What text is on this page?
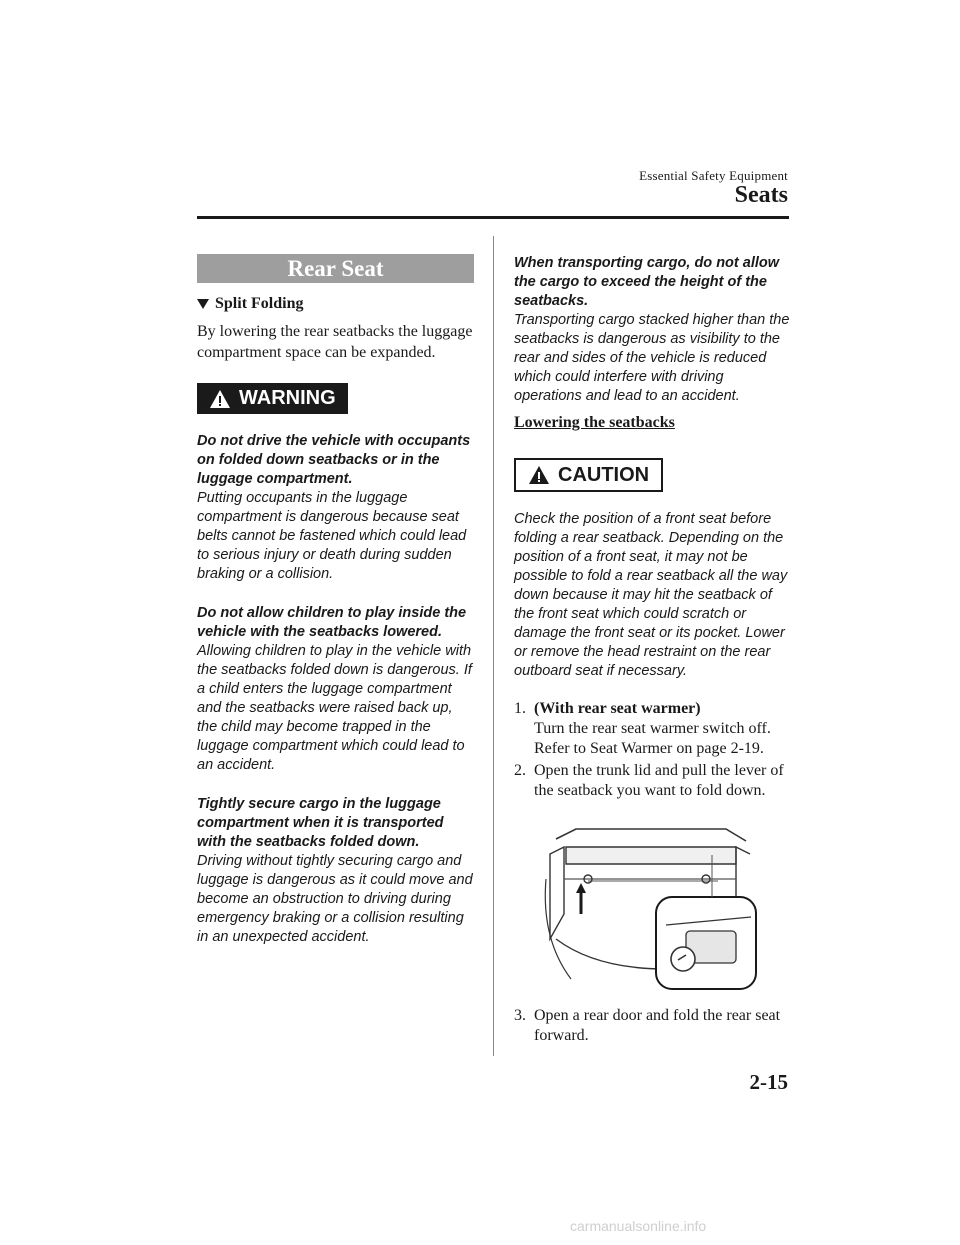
Essential Safety Equipment
Seats
Rear Seat
Split Folding

By lowering the rear seatbacks the luggage compartment space can be expanded.

WARNING

Do not drive the vehicle with occupants on folded down seatbacks or in the luggage compartment.

Putting occupants in the luggage compartment is dangerous because seat belts cannot be fastened which could lead to serious injury or death during sudden braking or a collision.

Do not allow children to play inside the vehicle with the seatbacks lowered.

Allowing children to play in the vehicle with the seatbacks folded down is dangerous. If a child enters the luggage compartment and the seatbacks were raised back up, the child may become trapped in the luggage compartment which could lead to an accident.

Tightly secure cargo in the luggage compartment when it is transported with the seatbacks folded down.

Driving without tightly securing cargo and luggage is dangerous as it could move and become an obstruction to driving during emergency braking or a collision resulting in an unexpected accident.

When transporting cargo, do not allow the cargo to exceed the height of the seatbacks.

Transporting cargo stacked higher than the seatbacks is dangerous as visibility to the rear and sides of the vehicle is reduced which could interfere with driving operations and lead to an accident.

Lowering the seatbacks
CAUTION

Check the position of a front seat before folding a rear seatback. Depending on the position of a front seat, it may not be possible to fold a rear seatback all the way down because it may hit the seatback of the front seat which could scratch or damage the front seat or its pocket. Lower or remove the head restraint on the rear outboard seat if necessary.

1. (With rear seat warmer)
Turn the rear seat warmer switch off. Refer to Seat Warmer on page 2-19.
2. Open the trunk lid and pull the lever of the seatback you want to fold down.
3. Open a rear door and fold the rear seat forward.
2-15
carmanualsonline.info
